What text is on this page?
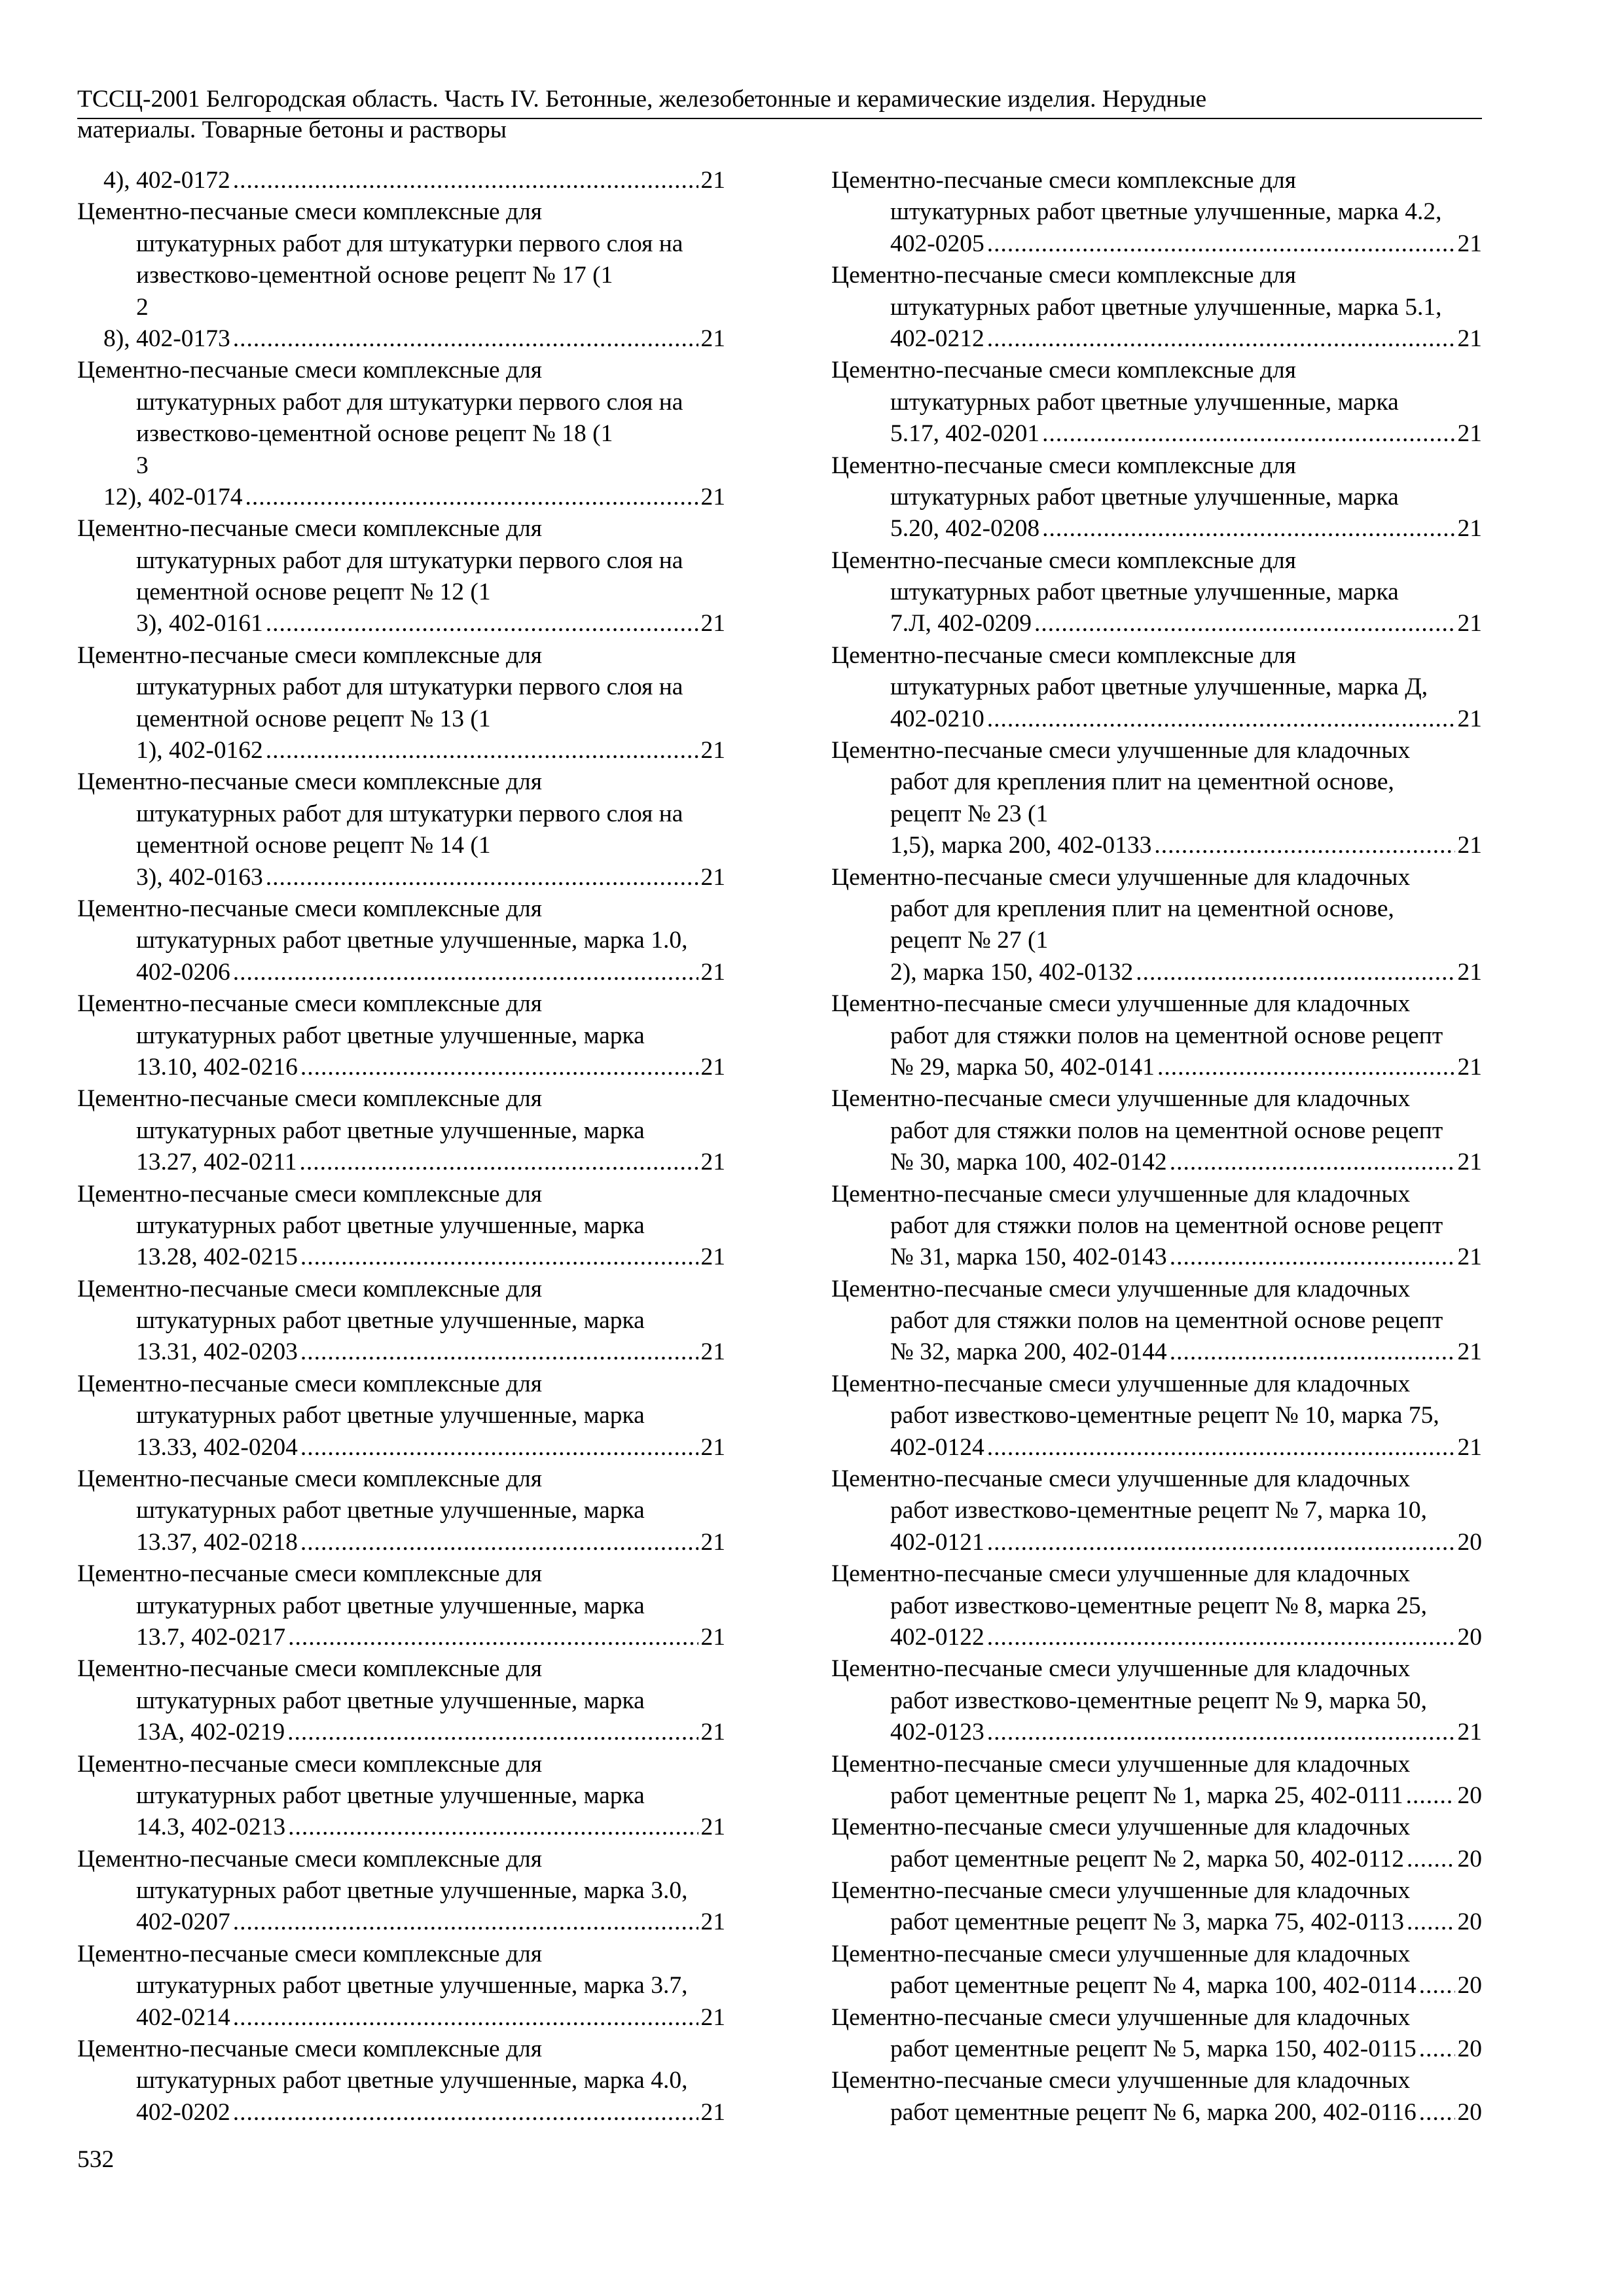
ТССЦ-2001 Белгородская область. Часть IV. Бетонные, железобетонные и керамические изделия. Нерудные
материалы. Товарные бетоны и растворы
4), 402-0172 .....	21
Цементно-песчаные смеси комплексные для
штукатурных работ для штукатурки первого слоя на
известково-цементной основе рецепт № 17 (1
2
8), 402-0173 .....	21
Цементно-песчаные смеси комплексные для
штукатурных работ для штукатурки первого слоя на
известково-цементной основе рецепт № 18 (1
3
12), 402-0174 .....	21
Цементно-песчаные смеси комплексные для
штукатурных работ для штукатурки первого слоя на
цементной основе рецепт № 12 (1
3), 402-0161 .....	21
Цементно-песчаные смеси комплексные для
штукатурных работ для штукатурки первого слоя на
цементной основе рецепт № 13 (1
1), 402-0162 .....	21
Цементно-песчаные смеси комплексные для
штукатурных работ для штукатурки первого слоя на
цементной основе рецепт № 14 (1
3), 402-0163 .....	21
Цементно-песчаные смеси комплексные для
штукатурных работ цветные улучшенные, марка 1.0,
402-0206 .....	21
Цементно-песчаные смеси комплексные для
штукатурных работ цветные улучшенные, марка
13.10, 402-0216 .....	21
Цементно-песчаные смеси комплексные для
штукатурных работ цветные улучшенные, марка
13.27, 402-0211 .....	21
Цементно-песчаные смеси комплексные для
штукатурных работ цветные улучшенные, марка
13.28, 402-0215 .....	21
Цементно-песчаные смеси комплексные для
штукатурных работ цветные улучшенные, марка
13.31, 402-0203 .....	21
Цементно-песчаные смеси комплексные для
штукатурных работ цветные улучшенные, марка
13.33, 402-0204 .....	21
Цементно-песчаные смеси комплексные для
штукатурных работ цветные улучшенные, марка
13.37, 402-0218 .....	21
Цементно-песчаные смеси комплексные для
штукатурных работ цветные улучшенные, марка
13.7, 402-0217 .....	21
Цементно-песчаные смеси комплексные для
штукатурных работ цветные улучшенные, марка
13А, 402-0219 .....	21
Цементно-песчаные смеси комплексные для
штукатурных работ цветные улучшенные, марка
14.3, 402-0213 .....	21
Цементно-песчаные смеси комплексные для
штукатурных работ цветные улучшенные, марка 3.0,
402-0207 .....	21
Цементно-песчаные смеси комплексные для
штукатурных работ цветные улучшенные, марка 3.7,
402-0214 .....	21
Цементно-песчаные смеси комплексные для
штукатурных работ цветные улучшенные, марка 4.0,
402-0202 .....	21
Цементно-песчаные смеси комплексные для
штукатурных работ цветные улучшенные, марка 4.2,
402-0205 .....	21
Цементно-песчаные смеси комплексные для
штукатурных работ цветные улучшенные, марка 5.1,
402-0212 .....	21
Цементно-песчаные смеси комплексные для
штукатурных работ цветные улучшенные, марка
5.17, 402-0201 .....	21
Цементно-песчаные смеси комплексные для
штукатурных работ цветные улучшенные, марка
5.20, 402-0208 .....	21
Цементно-песчаные смеси комплексные для
штукатурных работ цветные улучшенные, марка
7.Л, 402-0209 .....	21
Цементно-песчаные смеси комплексные для
штукатурных работ цветные улучшенные, марка Д,
402-0210 .....	21
Цементно-песчаные смеси улучшенные для кладочных
работ для крепления плит на цементной основе,
рецепт № 23 (1
1,5), марка 200, 402-0133 .....	21
Цементно-песчаные смеси улучшенные для кладочных
работ для крепления плит на цементной основе,
рецепт № 27 (1
2), марка 150, 402-0132 .....	21
Цементно-песчаные смеси улучшенные для кладочных
работ для стяжки полов на цементной основе рецепт
№ 29, марка 50, 402-0141 .....	21
Цементно-песчаные смеси улучшенные для кладочных
работ для стяжки полов на цементной основе рецепт
№ 30, марка 100, 402-0142 .....	21
Цементно-песчаные смеси улучшенные для кладочных
работ для стяжки полов на цементной основе рецепт
№ 31, марка 150, 402-0143 .....	21
Цементно-песчаные смеси улучшенные для кладочных
работ для стяжки полов на цементной основе рецепт
№ 32, марка 200, 402-0144 .....	21
Цементно-песчаные смеси улучшенные для кладочных
работ известково-цементные рецепт № 10, марка 75,
402-0124 .....	21
Цементно-песчаные смеси улучшенные для кладочных
работ известково-цементные рецепт № 7, марка 10,
402-0121 .....	20
Цементно-песчаные смеси улучшенные для кладочных
работ известково-цементные рецепт № 8, марка 25,
402-0122 .....	20
Цементно-песчаные смеси улучшенные для кладочных
работ известково-цементные рецепт № 9, марка 50,
402-0123 .....	21
Цементно-песчаные смеси улучшенные для кладочных
работ цементные рецепт № 1, марка 25, 402-0111 ..... 20
Цементно-песчаные смеси улучшенные для кладочных
работ цементные рецепт № 2, марка 50, 402-0112 ..... 20
Цементно-песчаные смеси улучшенные для кладочных
работ цементные рецепт № 3, марка 75, 402-0113 ..... 20
Цементно-песчаные смеси улучшенные для кладочных
работ цементные рецепт № 4, марка 100, 402-0114 ..... 20
Цементно-песчаные смеси улучшенные для кладочных
работ цементные рецепт № 5, марка 150, 402-0115 ..... 20
Цементно-песчаные смеси улучшенные для кладочных
работ цементные рецепт № 6, марка 200, 402-0116 ..... 20
532
